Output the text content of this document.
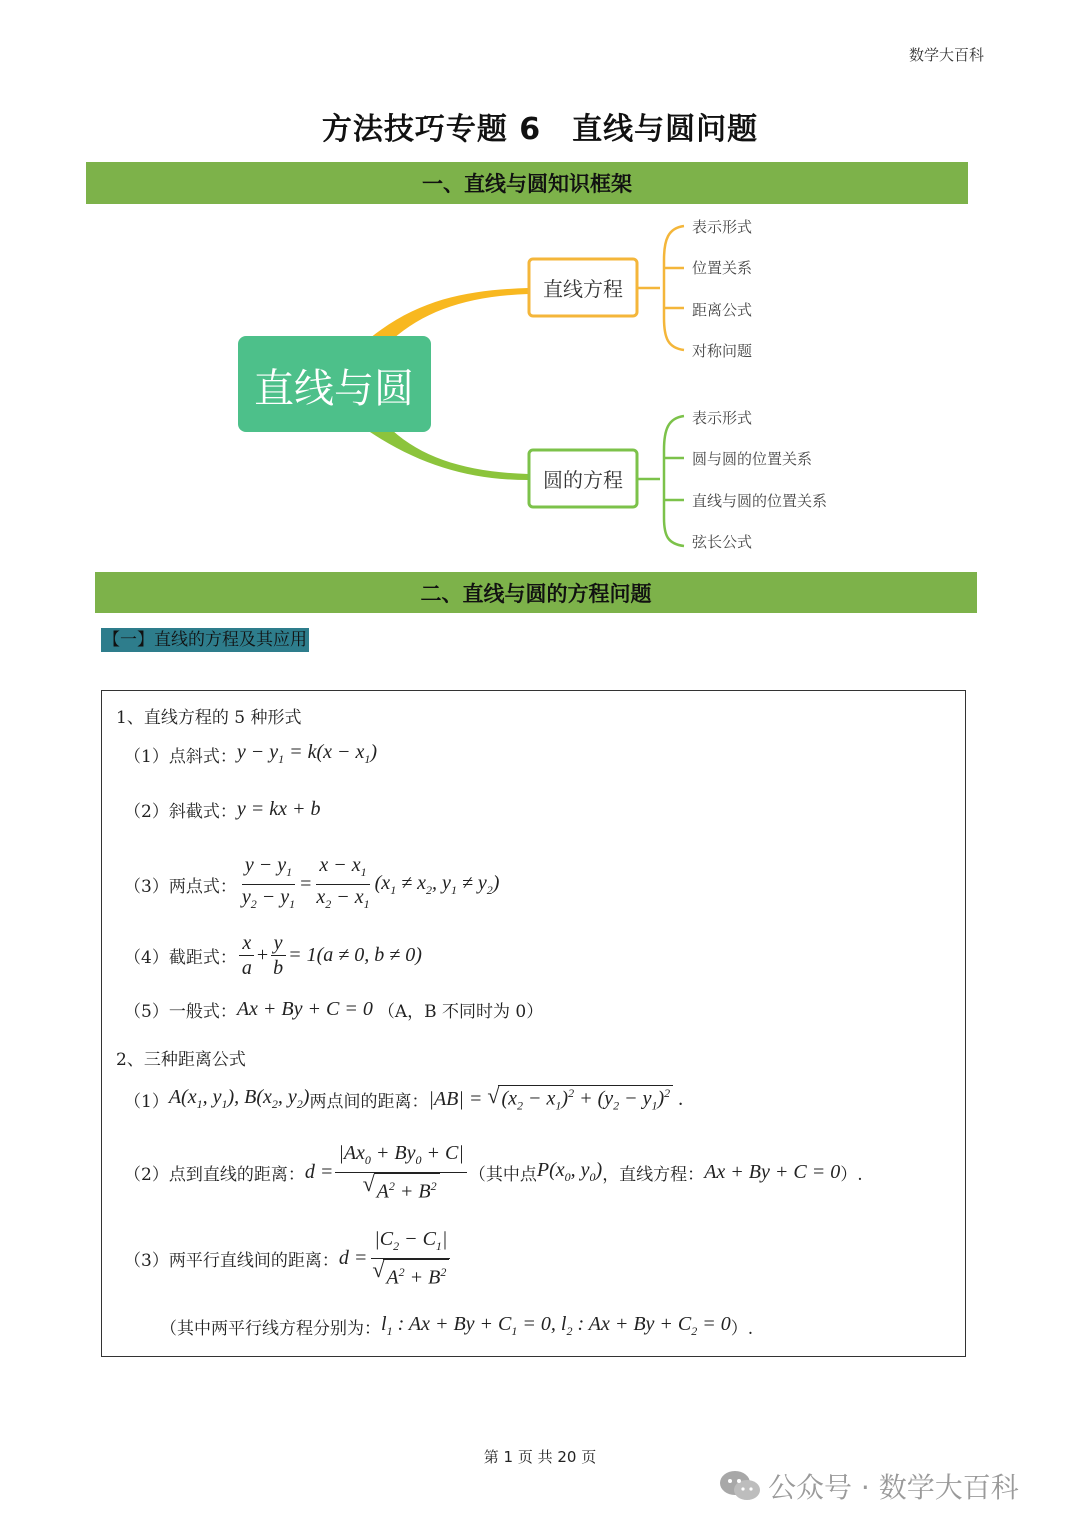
数学大百科
方法技巧专题 6　直线与圆问题
一、直线与圆知识框架
直线与圆
直线方程
圆的方程
表示形式
位置关系
距离公式
对称问题
表示形式
圆与圆的位置关系
直线与圆的位置关系
弦长公式
二、直线与圆的方程问题
【一】直线的方程及其应用
1、直线方程的 5 种形式
（1）点斜式： $y - y_1 = k(x - x_1)$
（2）斜截式： y = kx + b
（3）两点式： $\frac{y - y_1}{y_2 - y_1} = \frac{x - x_1}{x_2 - x_1} (x_1 \ne x_2$, $y_1 \ne y_2$)
（4）截距式： $\frac{x}{a} + \frac{y}{b} = 1(a \ne 0$, b ≠ 0)
（5）一般式： Ax + By + C = 0 （A，B 不同时为 0）
2、三种距离公式
（1） $A(x_1$, $y_1$), $B(x_2$, $y_2$) 两点间的距离： |AB| = √ $(x_2 - x_1)^2 + (y_2 - y_1)^2$ .
（2）点到直线的距离： $d = \frac{|Ax_0 + By_0 + C|}{√ A^2 + B^2}$ （其中点 $P(x_0$, $y_0$) ，直线方程： Ax + By + C = 0 ）.
（3）两平行直线间的距离： $d = \frac{|C_2 - C_1|}{√ A^2 + B^2}$
（其中两平行线方程分别为： $l_1$ : $Ax + By + C_1 = 0$, $l_2$ : $Ax + By + C_2 = 0$ ）.
第 1 页 共 20 页
公众号 · 数学大百科
